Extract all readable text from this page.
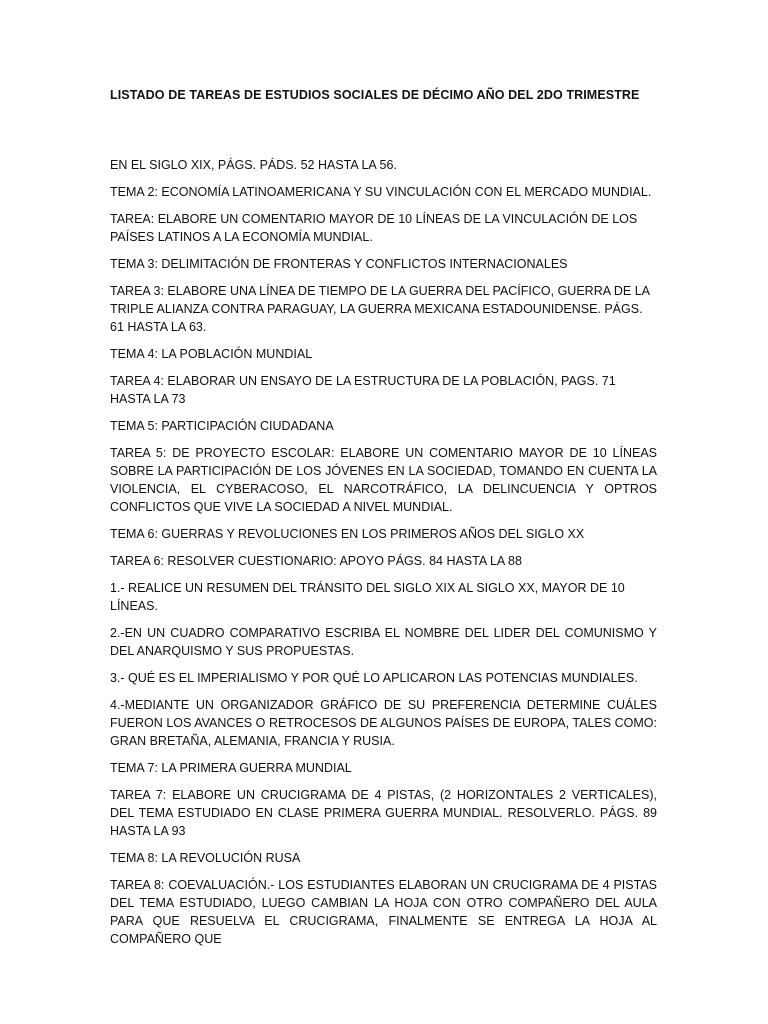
LISTADO DE TAREAS DE ESTUDIOS SOCIALES DE DÉCIMO AÑO DEL 2DO TRIMESTRE

EN EL SIGLO XIX, PÁGS. PÁDS. 52 HASTA LA 56.

TEMA 2: ECONOMÍA LATINOAMERICANA Y SU VINCULACIÓN CON EL MERCADO MUNDIAL.

TAREA: ELABORE UN COMENTARIO MAYOR DE 10 LÍNEAS DE LA VINCULACIÓN DE LOS PAÍSES LATINOS A LA ECONOMÍA MUNDIAL.

TEMA 3: DELIMITACIÓN DE FRONTERAS Y CONFLICTOS INTERNACIONALES

TAREA 3: ELABORE UNA LÍNEA DE TIEMPO DE LA GUERRA DEL PACÍFICO, GUERRA DE LA TRIPLE ALIANZA CONTRA PARAGUAY, LA GUERRA MEXICANA ESTADOUNIDENSE. PÁGS. 61 HASTA LA 63.

TEMA 4: LA POBLACIÓN MUNDIAL

TAREA 4: ELABORAR UN ENSAYO DE LA ESTRUCTURA DE LA POBLACIÓN, PAGS. 71 HASTA LA 73

TEMA 5: PARTICIPACIÓN CIUDADANA

TAREA 5: DE PROYECTO ESCOLAR: ELABORE UN COMENTARIO MAYOR DE 10 LÍNEAS SOBRE LA PARTICIPACIÓN DE LOS JÓVENES EN LA SOCIEDAD, TOMANDO EN CUENTA LA VIOLENCIA, EL CYBERACOSO, EL NARCOTRÁFICO, LA DELINCUENCIA Y OPTROS CONFLICTOS QUE VIVE LA SOCIEDAD A NIVEL MUNDIAL.

TEMA 6: GUERRAS Y REVOLUCIONES EN LOS PRIMEROS AÑOS DEL SIGLO XX

TAREA 6: RESOLVER CUESTIONARIO: APOYO PÁGS. 84 HASTA LA 88

1.- REALICE UN RESUMEN DEL TRÁNSITO DEL SIGLO XIX AL SIGLO XX, MAYOR DE 10 LÍNEAS.

2.-EN UN CUADRO COMPARATIVO ESCRIBA EL NOMBRE DEL LIDER DEL COMUNISMO Y DEL ANARQUISMO Y SUS PROPUESTAS.

3.- QUÉ ES EL IMPERIALISMO Y POR QUÉ LO APLICARON LAS POTENCIAS MUNDIALES.

4.-MEDIANTE UN ORGANIZADOR GRÁFICO DE SU PREFERENCIA DETERMINE CUÁLES FUERON LOS AVANCES O RETROCESOS DE ALGUNOS PAÍSES DE EUROPA, TALES COMO: GRAN BRETAÑA, ALEMANIA, FRANCIA Y RUSIA.

TEMA 7: LA PRIMERA GUERRA MUNDIAL

TAREA 7: ELABORE UN CRUCIGRAMA DE 4 PISTAS, (2 HORIZONTALES 2 VERTICALES), DEL TEMA ESTUDIADO EN CLASE PRIMERA GUERRA MUNDIAL. RESOLVERLO. PÁGS. 89 HASTA LA 93

TEMA 8: LA REVOLUCIÓN RUSA

TAREA 8: COEVALUACIÓN.- LOS ESTUDIANTES ELABORAN UN CRUCIGRAMA DE 4 PISTAS DEL TEMA ESTUDIADO, LUEGO CAMBIAN LA HOJA CON OTRO COMPAÑERO DEL AULA PARA QUE RESUELVA EL CRUCIGRAMA, FINALMENTE SE ENTREGA LA HOJA AL COMPAÑERO QUE
